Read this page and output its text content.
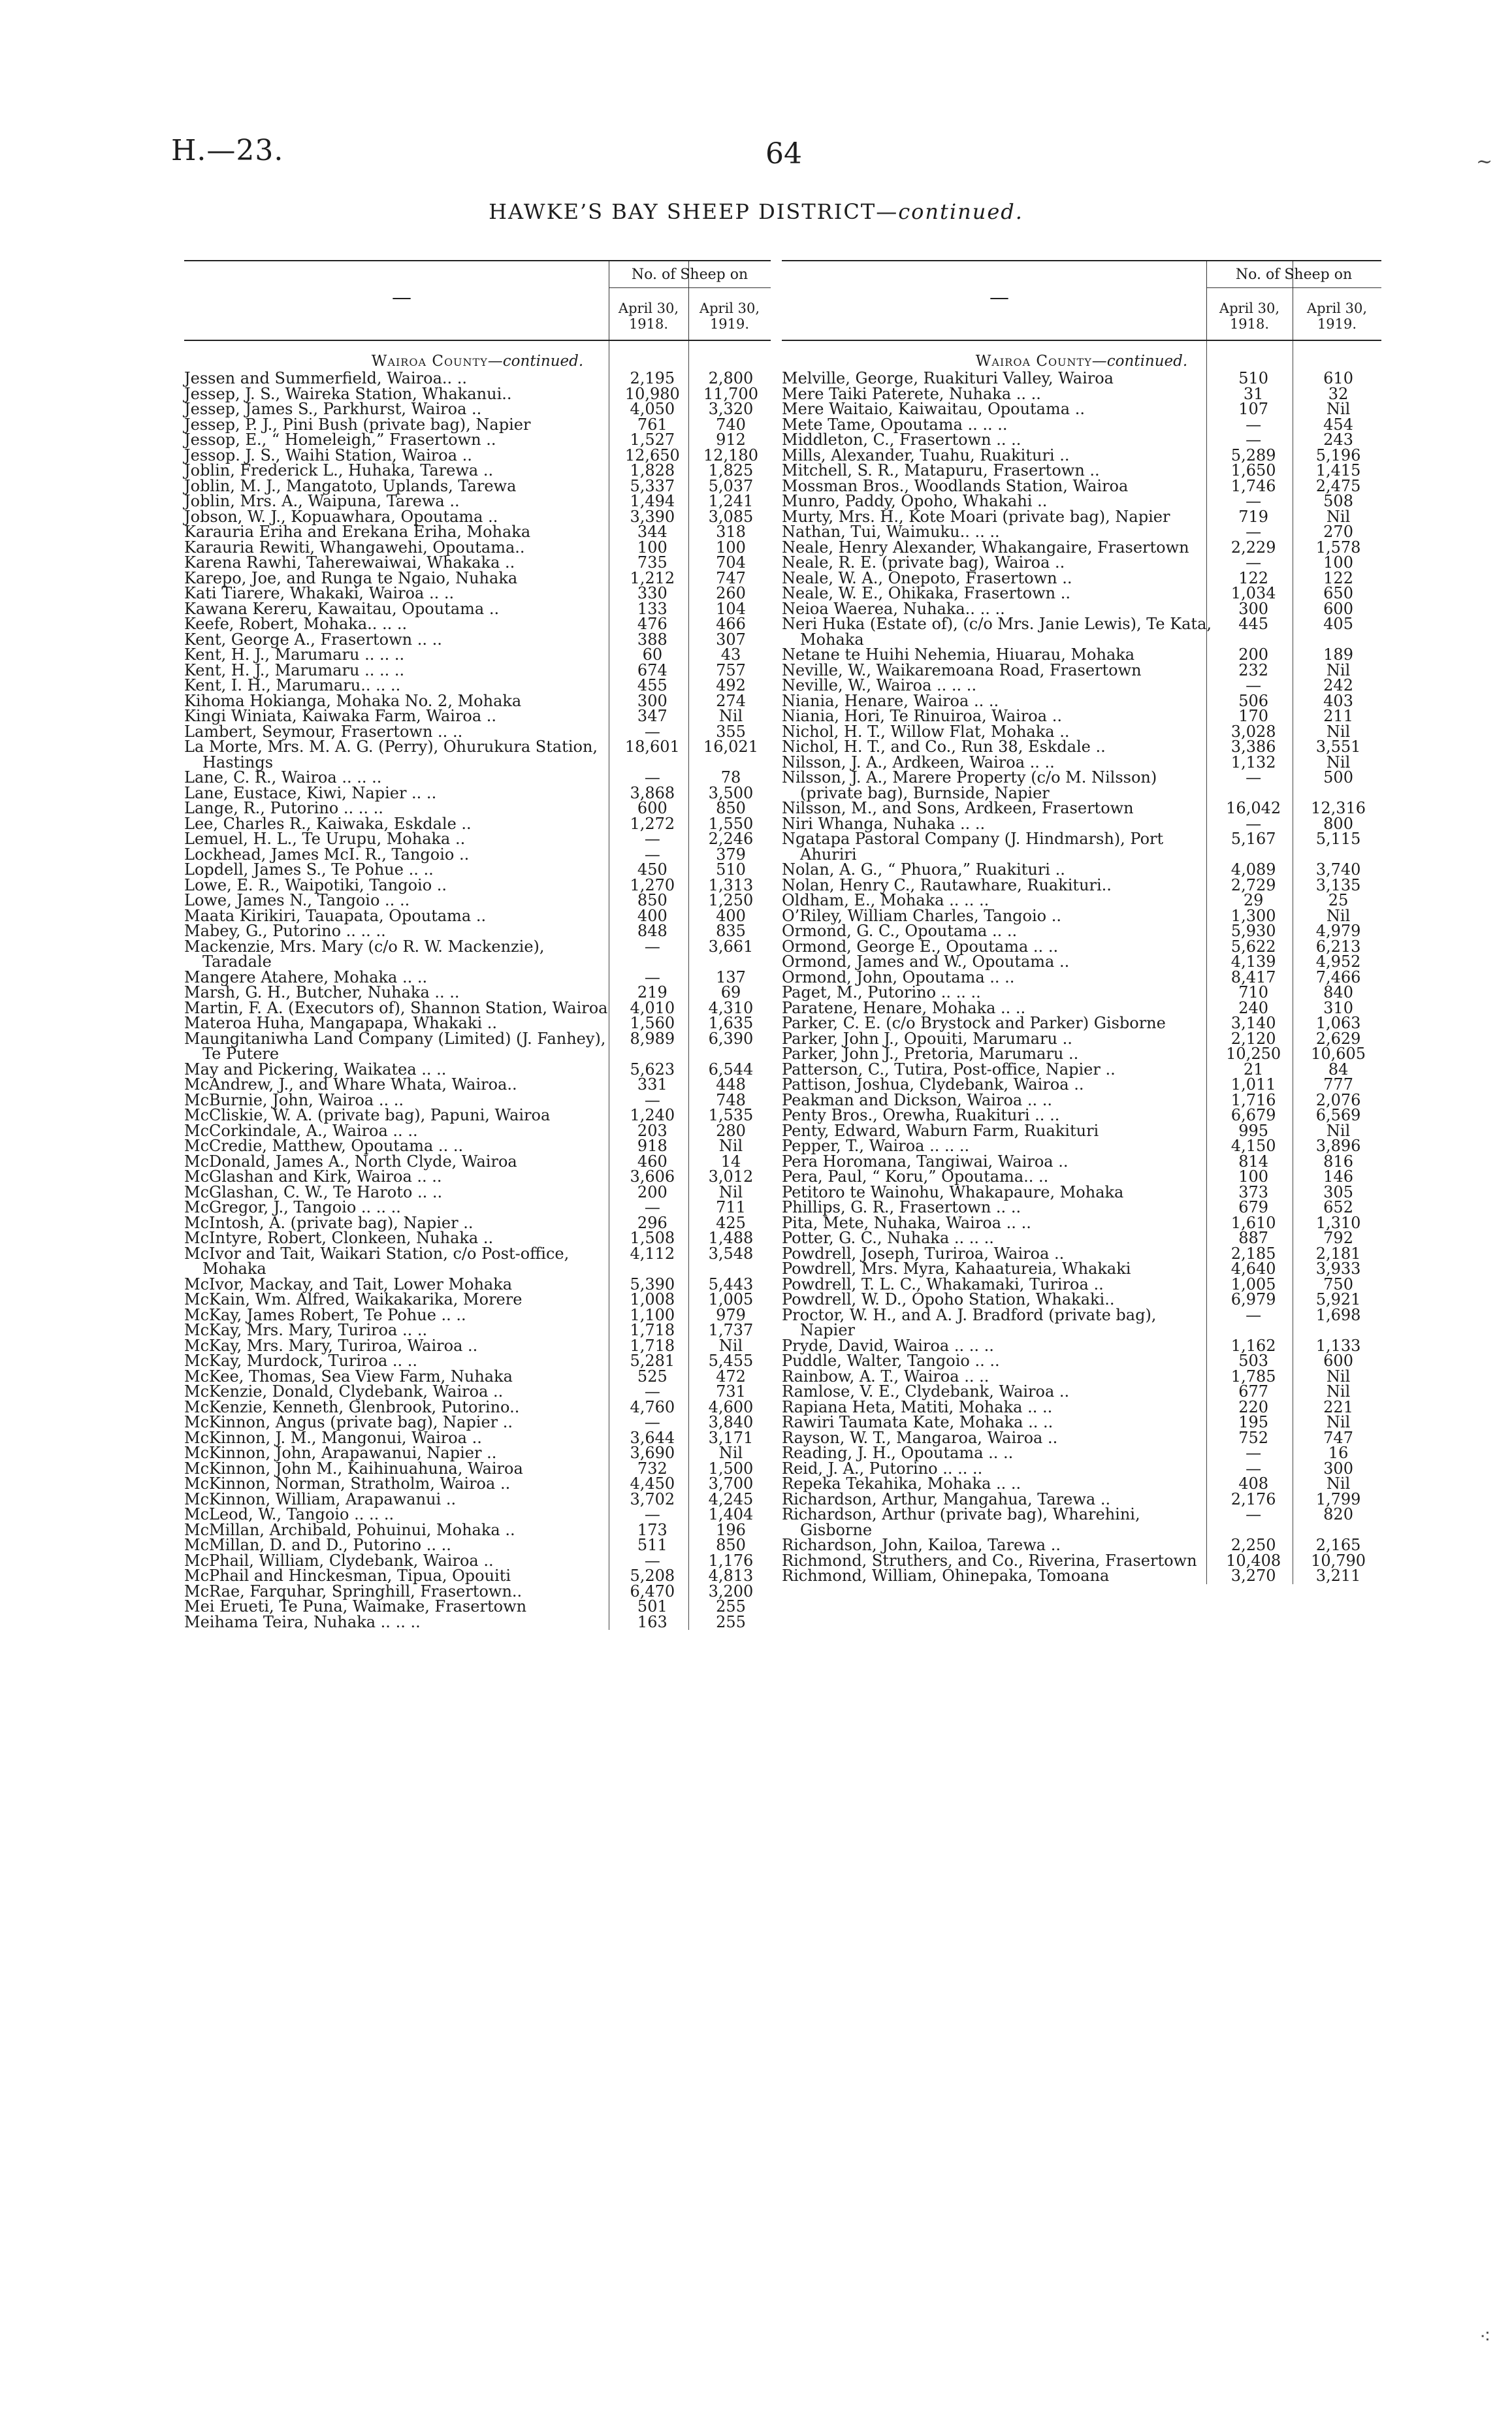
H.—23.	64
HAWKE’S BAY SHEEP DISTRICT—continued.
—
No. of Sheep on
April 30, 1918.
April 30, 1919.
Wairoa County—continued.
Jessen and Summerfield, Wairoa.. ..	2,195	2,800
Jessep, J. S., Waireka Station, Whakanui..	10,980	11,700
Jessep, James S., Parkhurst, Wairoa ..	4,050	3,320
Jessep, P. J., Pini Bush (private bag), Napier	761	740
Jessop, E., “ Homeleigh,” Frasertown ..	1,527	912
Jessop. J. S., Waihi Station, Wairoa ..	12,650	12,180
Joblin, Frederick L., Huhaka, Tarewa ..	1,828	1,825
Joblin, M. J., Mangatoto, Uplands, Tarewa	5,337	5,037
Joblin, Mrs. A., Waipuna, Tarewa ..	1,494	1,241
Jobson, W. J., Kopuawhara, Opoutama ..	3,390	3,085
Karauria Eriha and Erekana Eriha, Mohaka	344	318
Karauria Rewiti, Whangawehi, Opoutama..	100	100
Karena Rawhi, Taherewaiwai, Whakaka ..	735	704
Karepo, Joe, and Runga te Ngaio, Nuhaka	1,212	747
Kati Tiarere, Whakaki, Wairoa .. ..	330	260
Kawana Kereru, Kawaitau, Opoutama ..	133	104
Keefe, Robert, Mohaka.. .. ..	476	466
Kent, George A., Frasertown .. ..	388	307
Kent, H. J., Marumaru .. .. ..	60	43
Kent, H. J., Marumaru .. .. ..	674	757
Kent, I. H., Marumaru.. .. ..	455	492
Kihoma Hokianga, Mohaka No. 2, Mohaka	300	274
Kingi Winiata, Kaiwaka Farm, Wairoa ..	347	Nil
Lambert, Seymour, Frasertown .. ..	—	355
La Morte, Mrs. M. A. G. (Perry), Ohurukura Station, Hastings
18,601	16,021
Lane, C. R., Wairoa .. .. ..	—	78
Lane, Eustace, Kiwi, Napier .. ..	3,868	3,500
Lange, R., Putorino .. .. ..	600	850
Lee, Charles R., Kaiwaka, Eskdale ..	1,272	1,550
Lemuel, H. L., Te Urupu, Mohaka ..	—	2,246
Lockhead, James McI. R., Tangoio ..	—	379
Lopdell, James S., Te Pohue .. ..	450	510
Lowe, E. R., Waipotiki, Tangoio ..	1,270	1,313
Lowe, James N., Tangoio .. ..	850	1,250
Maata Kirikiri, Tauapata, Opoutama ..	400	400
Mabey, G., Putorino .. .. ..	848	835
Mackenzie, Mrs. Mary (c/o R. W. Mackenzie), Taradale
—	3,661
Mangere Atahere, Mohaka .. ..	—	137
Marsh, G. H., Butcher, Nuhaka .. ..	219	69
Martin, F. A. (Executors of), Shannon Station, Wairoa	4,010	4,310
Materoa Huha, Mangapapa, Whakaki ..	1,560	1,635
Maungitaniwha Land Company (Limited) (J. Fanhey), Te Putere
8,989	6,390
May and Pickering, Waikatea .. ..	5,623	6,544
McAndrew, J., and Whare Whata, Wairoa..	331	448
McBurnie, John, Wairoa .. ..	—	748
McCliskie, W. A. (private bag), Papuni, Wairoa	1,240	1,535
McCorkindale, A., Wairoa .. ..	203	280
McCredie, Matthew, Opoutama .. ..	918	Nil
McDonald, James A., North Clyde, Wairoa	460	14
McGlashan and Kirk, Wairoa .. ..	3,606	3,012
McGlashan, C. W., Te Haroto .. ..	200	Nil
McGregor, J., Tangoio .. .. ..	—	711
McIntosh, A. (private bag), Napier ..	296	425
McIntyre, Robert, Clonkeen, Nuhaka ..	1,508	1,488
McIvor and Tait, Waikari Station, c/o Post-office, Mohaka
4,112	3,548
McIvor, Mackay, and Tait, Lower Mohaka	5,390	5,443
McKain, Wm. Alfred, Waikakarika, Morere	1,008	1,005
McKay, James Robert, Te Pohue .. ..	1,100	979
McKay, Mrs. Mary, Turiroa .. ..	1,718	1,737
McKay, Mrs. Mary, Turiroa, Wairoa ..	1,718	Nil
McKay, Murdock, Turiroa .. ..	5,281	5,455
McKee, Thomas, Sea View Farm, Nuhaka	525	472
McKenzie, Donald, Clydebank, Wairoa ..	—	731
McKenzie, Kenneth, Glenbrook, Putorino..	4,760	4,600
McKinnon, Angus (private bag), Napier ..	—	3,840
McKinnon, J. M., Mangonui, Wairoa ..	3,644	3,171
McKinnon, John, Arapawanui, Napier ..	3,690	Nil
McKinnon, John M., Kaihinuahuna, Wairoa	732	1,500
McKinnon, Norman, Stratholm, Wairoa ..	4,450	3,700
McKinnon, William, Arapawanui ..	3,702	4,245
McLeod, W., Tangoio .. .. ..	—	1,404
McMillan, Archibald, Pohuinui, Mohaka ..	173	196
McMillan, D. and D., Putorino .. ..	511	850
McPhail, William, Clydebank, Wairoa ..	—	1,176
McPhail and Hinckesman, Tipua, Opouiti	5,208	4,813
McRae, Farquhar, Springhill, Frasertown..	6,470	3,200
Mei Erueti, Te Puna, Waimake, Frasertown	501	255
Meihama Teira, Nuhaka .. .. ..	163	255
—
No. of Sheep on
April 30, 1918.
April 30, 1919.
Wairoa County—continued.
Melville, George, Ruakituri Valley, Wairoa	510	610
Mere Taiki Paterete, Nuhaka .. ..	31	32
Mere Waitaio, Kaiwaitau, Opoutama ..	107	Nil
Mete Tame, Opoutama .. .. ..	—	454
Middleton, C., Frasertown .. ..	—	243
Mills, Alexander, Tuahu, Ruakituri ..	5,289	5,196
Mitchell, S. R., Matapuru, Frasertown ..	1,650	1,415
Mossman Bros., Woodlands Station, Wairoa	1,746	2,475
Munro, Paddy, Opoho, Whakahi ..	—	508
Murty, Mrs. H., Kote Moari (private bag), Napier	719	Nil
Nathan, Tui, Waimuku.. .. ..	—	270
Neale, Henry Alexander, Whakangaire, Frasertown	2,229	1,578
Neale, R. E. (private bag), Wairoa ..	—	100
Neale, W. A., Onepoto, Frasertown ..	122	122
Neale, W. E., Ohikaka, Frasertown ..	1,034	650
Neioa Waerea, Nuhaka.. .. ..	300	600
Neri Huka (Estate of), (c/o Mrs. Janie Lewis), Te Kata, Mohaka
445	405
Netane te Huihi Nehemia, Hiuarau, Mohaka	200	189
Neville, W., Waikaremoana Road, Frasertown	232	Nil
Neville, W., Wairoa .. .. ..	—	242
Niania, Henare, Wairoa .. ..	506	403
Niania, Hori, Te Rinuiroa, Wairoa ..	170	211
Nichol, H. T., Willow Flat, Mohaka ..	3,028	Nil
Nichol, H. T., and Co., Run 38, Eskdale ..	3,386	3,551
Nilsson, J. A., Ardkeen, Wairoa .. ..	1,132	Nil
Nilsson, J. A., Marere Property (c/o M. Nilsson) (private bag), Burnside, Napier
—	500
Nilsson, M., and Sons, Ardkeen, Frasertown	16,042	12,316
Niri Whanga, Nuhaka .. ..	—	800
Ngatapa Pastoral Company (J. Hindmarsh), Port Ahuriri
5,167	5,115
Nolan, A. G., “ Phuora,” Ruakituri ..	4,089	3,740
Nolan, Henry C., Rautawhare, Ruakituri..	2,729	3,135
Oldham, E., Mohaka .. .. ..	29	25
O’Riley, William Charles, Tangoio ..	1,300	Nil
Ormond, G. C., Opoutama .. ..	5,930	4,979
Ormond, George E., Opoutama .. ..	5,622	6,213
Ormond, James and W., Opoutama ..	4,139	4,952
Ormond, John, Opoutama .. ..	8,417	7,466
Paget, M., Putorino .. .. ..	710	840
Paratene, Henare, Mohaka .. ..	240	310
Parker, C. E. (c/o Brystock and Parker) Gisborne	3,140	1,063
Parker, John J., Opouiti, Marumaru ..	2,120	2,629
Parker, John J., Pretoria, Marumaru ..	10,250	10,605
Patterson, C., Tutira, Post-office, Napier ..	21	84
Pattison, Joshua, Clydebank, Wairoa ..	1,011	777
Peakman and Dickson, Wairoa .. ..	1,716	2,076
Penty Bros., Orewha, Ruakituri .. ..	6,679	6,569
Penty, Edward, Waburn Farm, Ruakituri	995	Nil
Pepper, T., Wairoa .. .. ..	4,150	3,896
Pera Horomana, Tangiwai, Wairoa ..	814	816
Pera, Paul, “ Koru,” Opoutama.. ..	100	146
Petitoro te Wainohu, Whakapaure, Mohaka	373	305
Phillips, G. R., Frasertown .. ..	679	652
Pita, Mete, Nuhaka, Wairoa .. ..	1,610	1,310
Potter, G. C., Nuhaka .. .. ..	887	792
Powdrell, Joseph, Turiroa, Wairoa ..	2,185	2,181
Powdrell, Mrs. Myra, Kahaatureia, Whakaki	4,640	3,933
Powdrell, T. L. C., Whakamaki, Turiroa ..	1,005	750
Powdrell, W. D., Opoho Station, Whakaki..	6,979	5,921
Proctor, W. H., and A. J. Bradford (private bag), Napier
—	1,698
Pryde, David, Wairoa .. .. ..	1,162	1,133
Puddle, Walter, Tangoio .. ..	503	600
Rainbow, A. T., Wairoa .. ..	1,785	Nil
Ramlose, V. E., Clydebank, Wairoa ..	677	Nil
Rapiana Heta, Matiti, Mohaka .. ..	220	221
Rawiri Taumata Kate, Mohaka .. ..	195	Nil
Rayson, W. T., Mangaroa, Wairoa ..	752	747
Reading, J. H., Opoutama .. ..	—	16
Reid, J. A., Putorino .. .. ..	—	300
Repeka Tekahika, Mohaka .. ..	408	Nil
Richardson, Arthur, Mangahua, Tarewa ..	2,176	1,799
Richardson, Arthur (private bag), Wharehini, Gisborne
—	820
Richardson, John, Kailoa, Tarewa ..	2,250	2,165
Richmond, Struthers, and Co., Riverina, Frasertown	10,408	10,790
Richmond, William, Ohinepaka, Tomoana	3,270	3,211
~
⁖
